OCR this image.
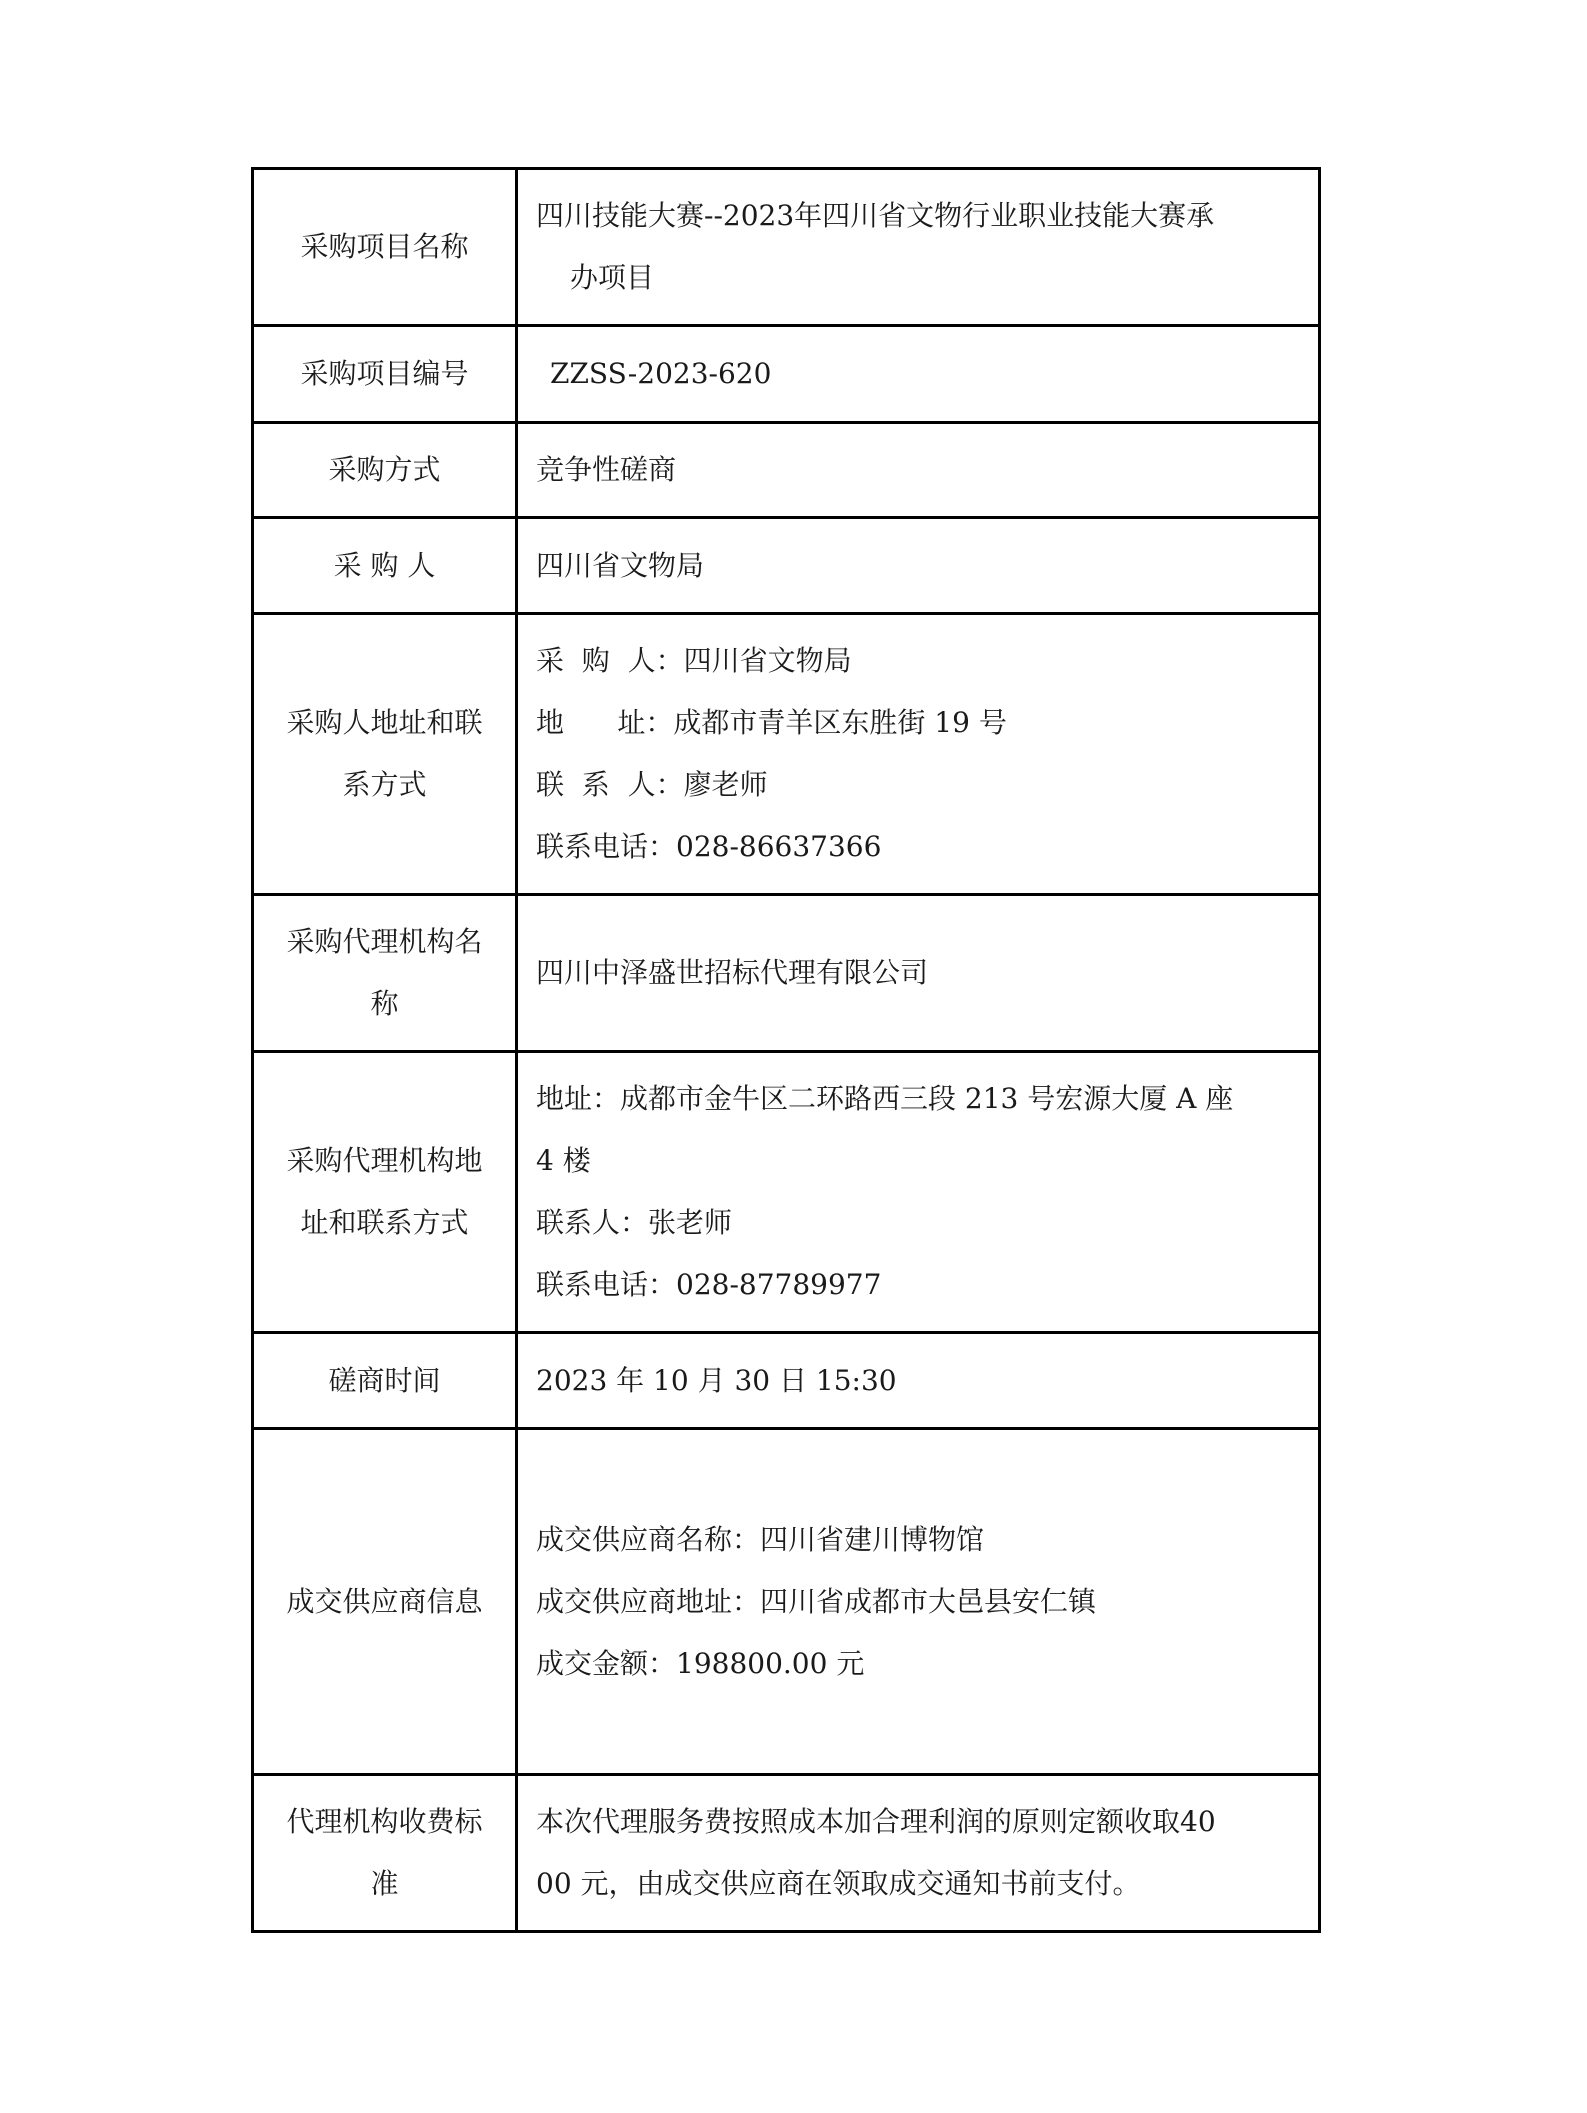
采购项目名称	四川技能大赛--2023年四川省文物行业职业技能大赛承
办项目

采购项目编号	ZZSS-2023-620

采购方式	竞争性磋商

采 购 人	四川省文物局

采购人地址和联
系方式	采  购  人：四川省文物局
地      址：成都市青羊区东胜街 19 号
联  系  人：廖老师
联系电话：028-86637366

采购代理机构名
称	四川中泽盛世招标代理有限公司

采购代理机构地
址和联系方式	地址：成都市金牛区二环路西三段 213 号宏源大厦 A 座
4 楼
联系人：张老师
联系电话：028-87789977

磋商时间	2023 年 10 月 30 日 15:30

成交供应商信息	成交供应商名称：四川省建川博物馆
成交供应商地址：四川省成都市大邑县安仁镇
成交金额：198800.00 元

代理机构收费标
准	本次代理服务费按照成本加合理利润的原则定额收取40
00 元，由成交供应商在领取成交通知书前支付。
